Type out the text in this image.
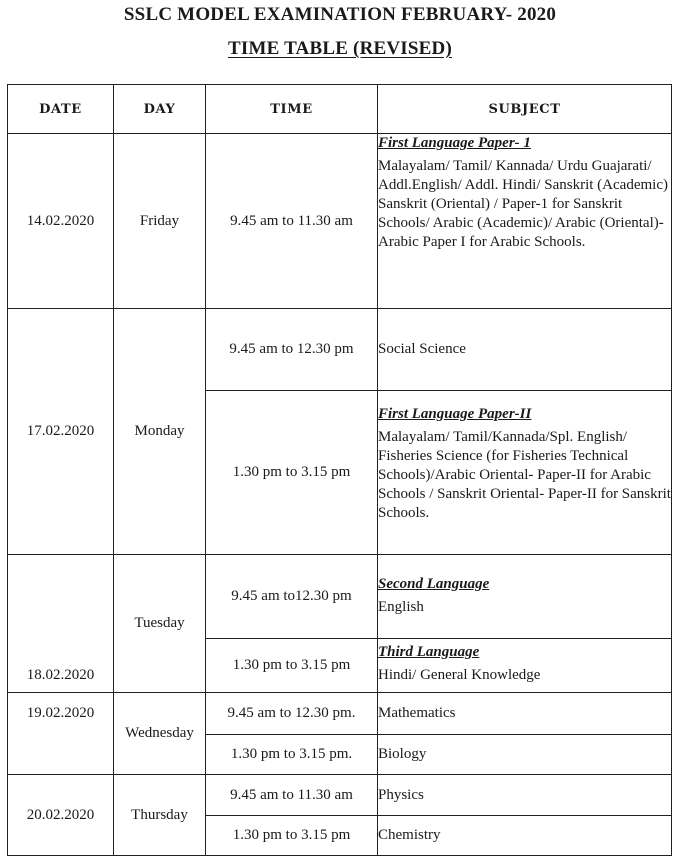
SSLC MODEL EXAMINATION FEBRUARY- 2020
TIME TABLE (REVISED)
DATE	DAY	TIME	SUBJECT
14.02.2020	Friday	9.45 am to 11.30 am	First Language Paper- 1
Malayalam/ Tamil/ Kannada/ Urdu Guajarati/ Addl.English/ Addl. Hindi/ Sanskrit (Academic) Sanskrit (Oriental) / Paper-1 for Sanskrit Schools/ Arabic (Academic)/ Arabic (Oriental)-Arabic Paper I for Arabic Schools.

17.02.2020	Monday	9.45 am to 12.30 pm	Social Science

		1.30 pm to 3.15 pm	First Language Paper-II
Malayalam/ Tamil/Kannada/Spl. English/ Fisheries Science (for Fisheries Technical Schools)/Arabic Oriental- Paper-II for Arabic Schools / Sanskrit Oriental- Paper-II for Sanskrit Schools.

18.02.2020	Tuesday	9.45 am to12.30 pm	Second Language
English

		1.30 pm to 3.15 pm	Third Language
Hindi/ General Knowledge

19.02.2020	Wednesday	9.45 am to 12.30 pm.	Mathematics

		1.30 pm to 3.15 pm.	Biology

20.02.2020	Thursday	9.45 am to 11.30 am	Physics

		1.30 pm to 3.15 pm	Chemistry
